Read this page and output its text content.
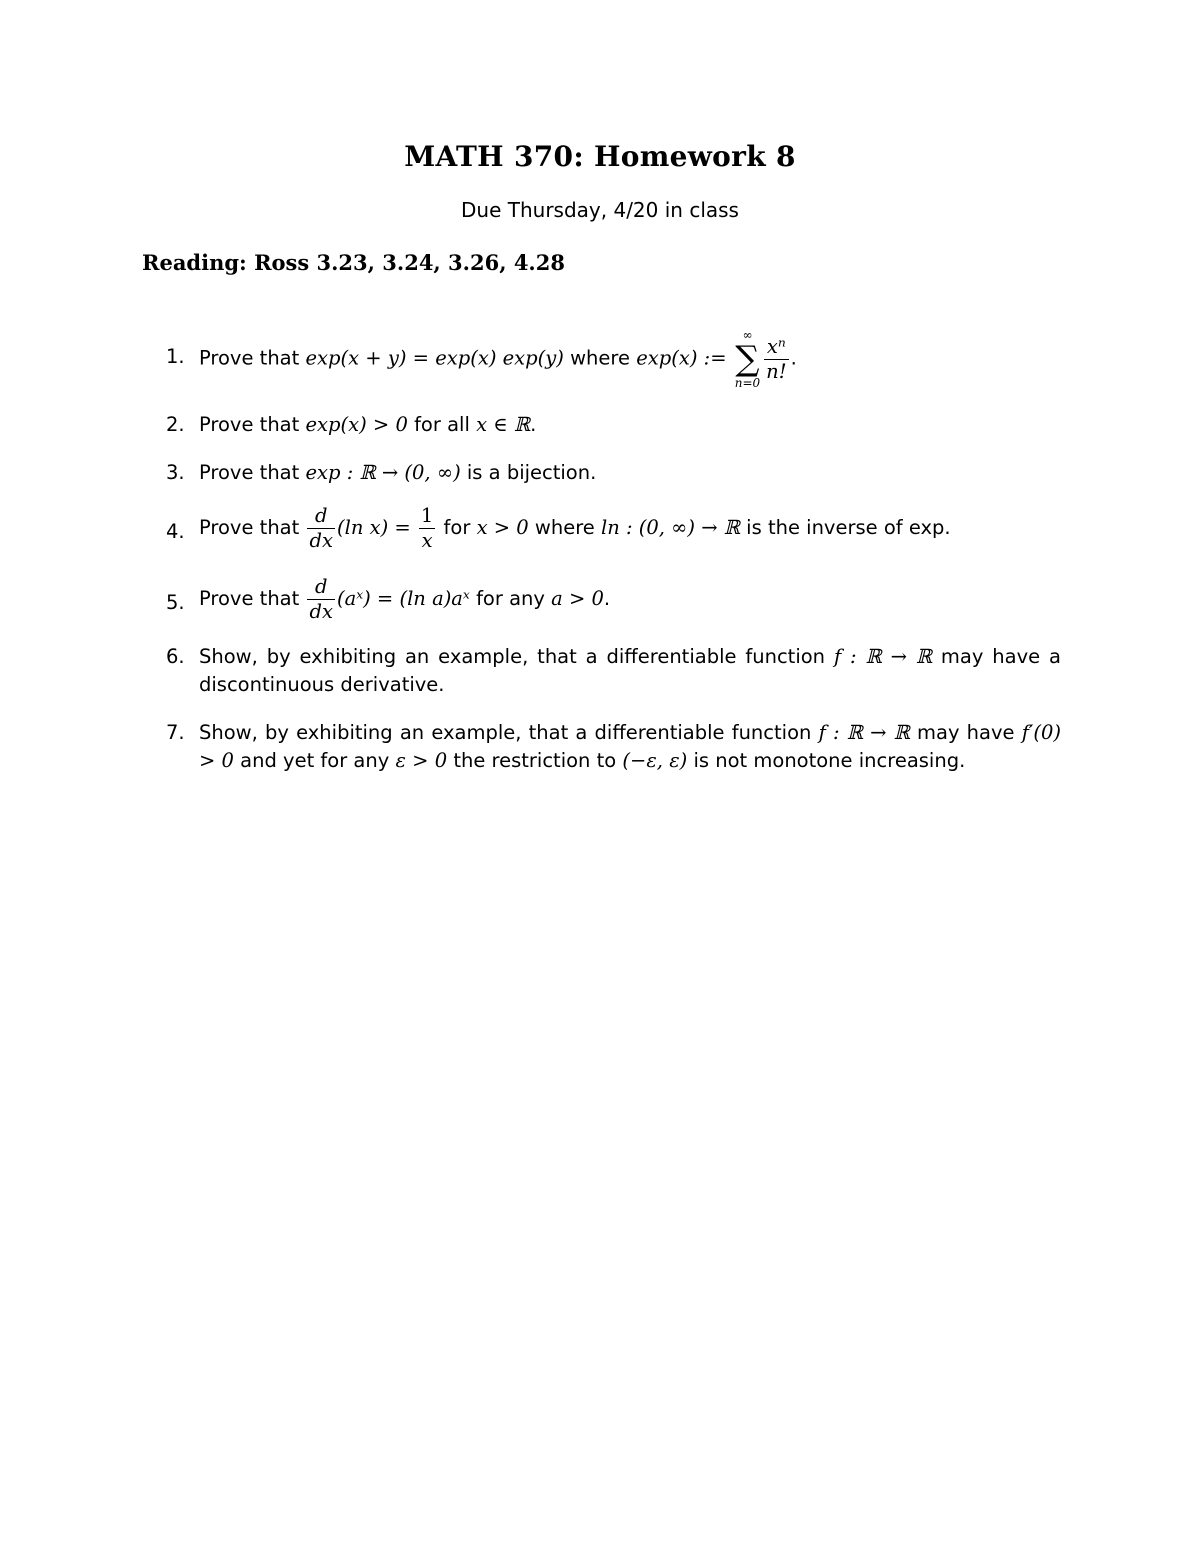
MATH 370: Homework 8
Due Thursday, 4/20 in class
Reading: Ross 3.23, 3.24, 3.26, 4.28
1. Prove that exp(x + y) = exp(x) exp(y) where exp(x) :=
∞
∑
$n=0 \frac{\text{xⁿ}}{n!}$ .
2. Prove that exp(x) > 0 for all x ∈ ℝ.
3. Prove that exp : ℝ → (0, ∞) is a bijection.
4. Prove that $\frac{d}{dx} (\ln$ $x) = \frac{1}{x}$ for x > 0 where ln : (0, ∞) → ℝ is the inverse of exp.
5. Prove that $\frac{d}{dx}$ (aˣ) = (ln a)aˣ for any a > 0.
6. Show, by exhibiting an example, that a differentiable function f : ℝ → ℝ may have a discontinuous derivative.
7. Show, by exhibiting an example, that a differentiable function f : ℝ → ℝ may have f′(0) > 0 and yet for any ε > 0 the restriction to (−ε, ε) is not monotone increasing.
